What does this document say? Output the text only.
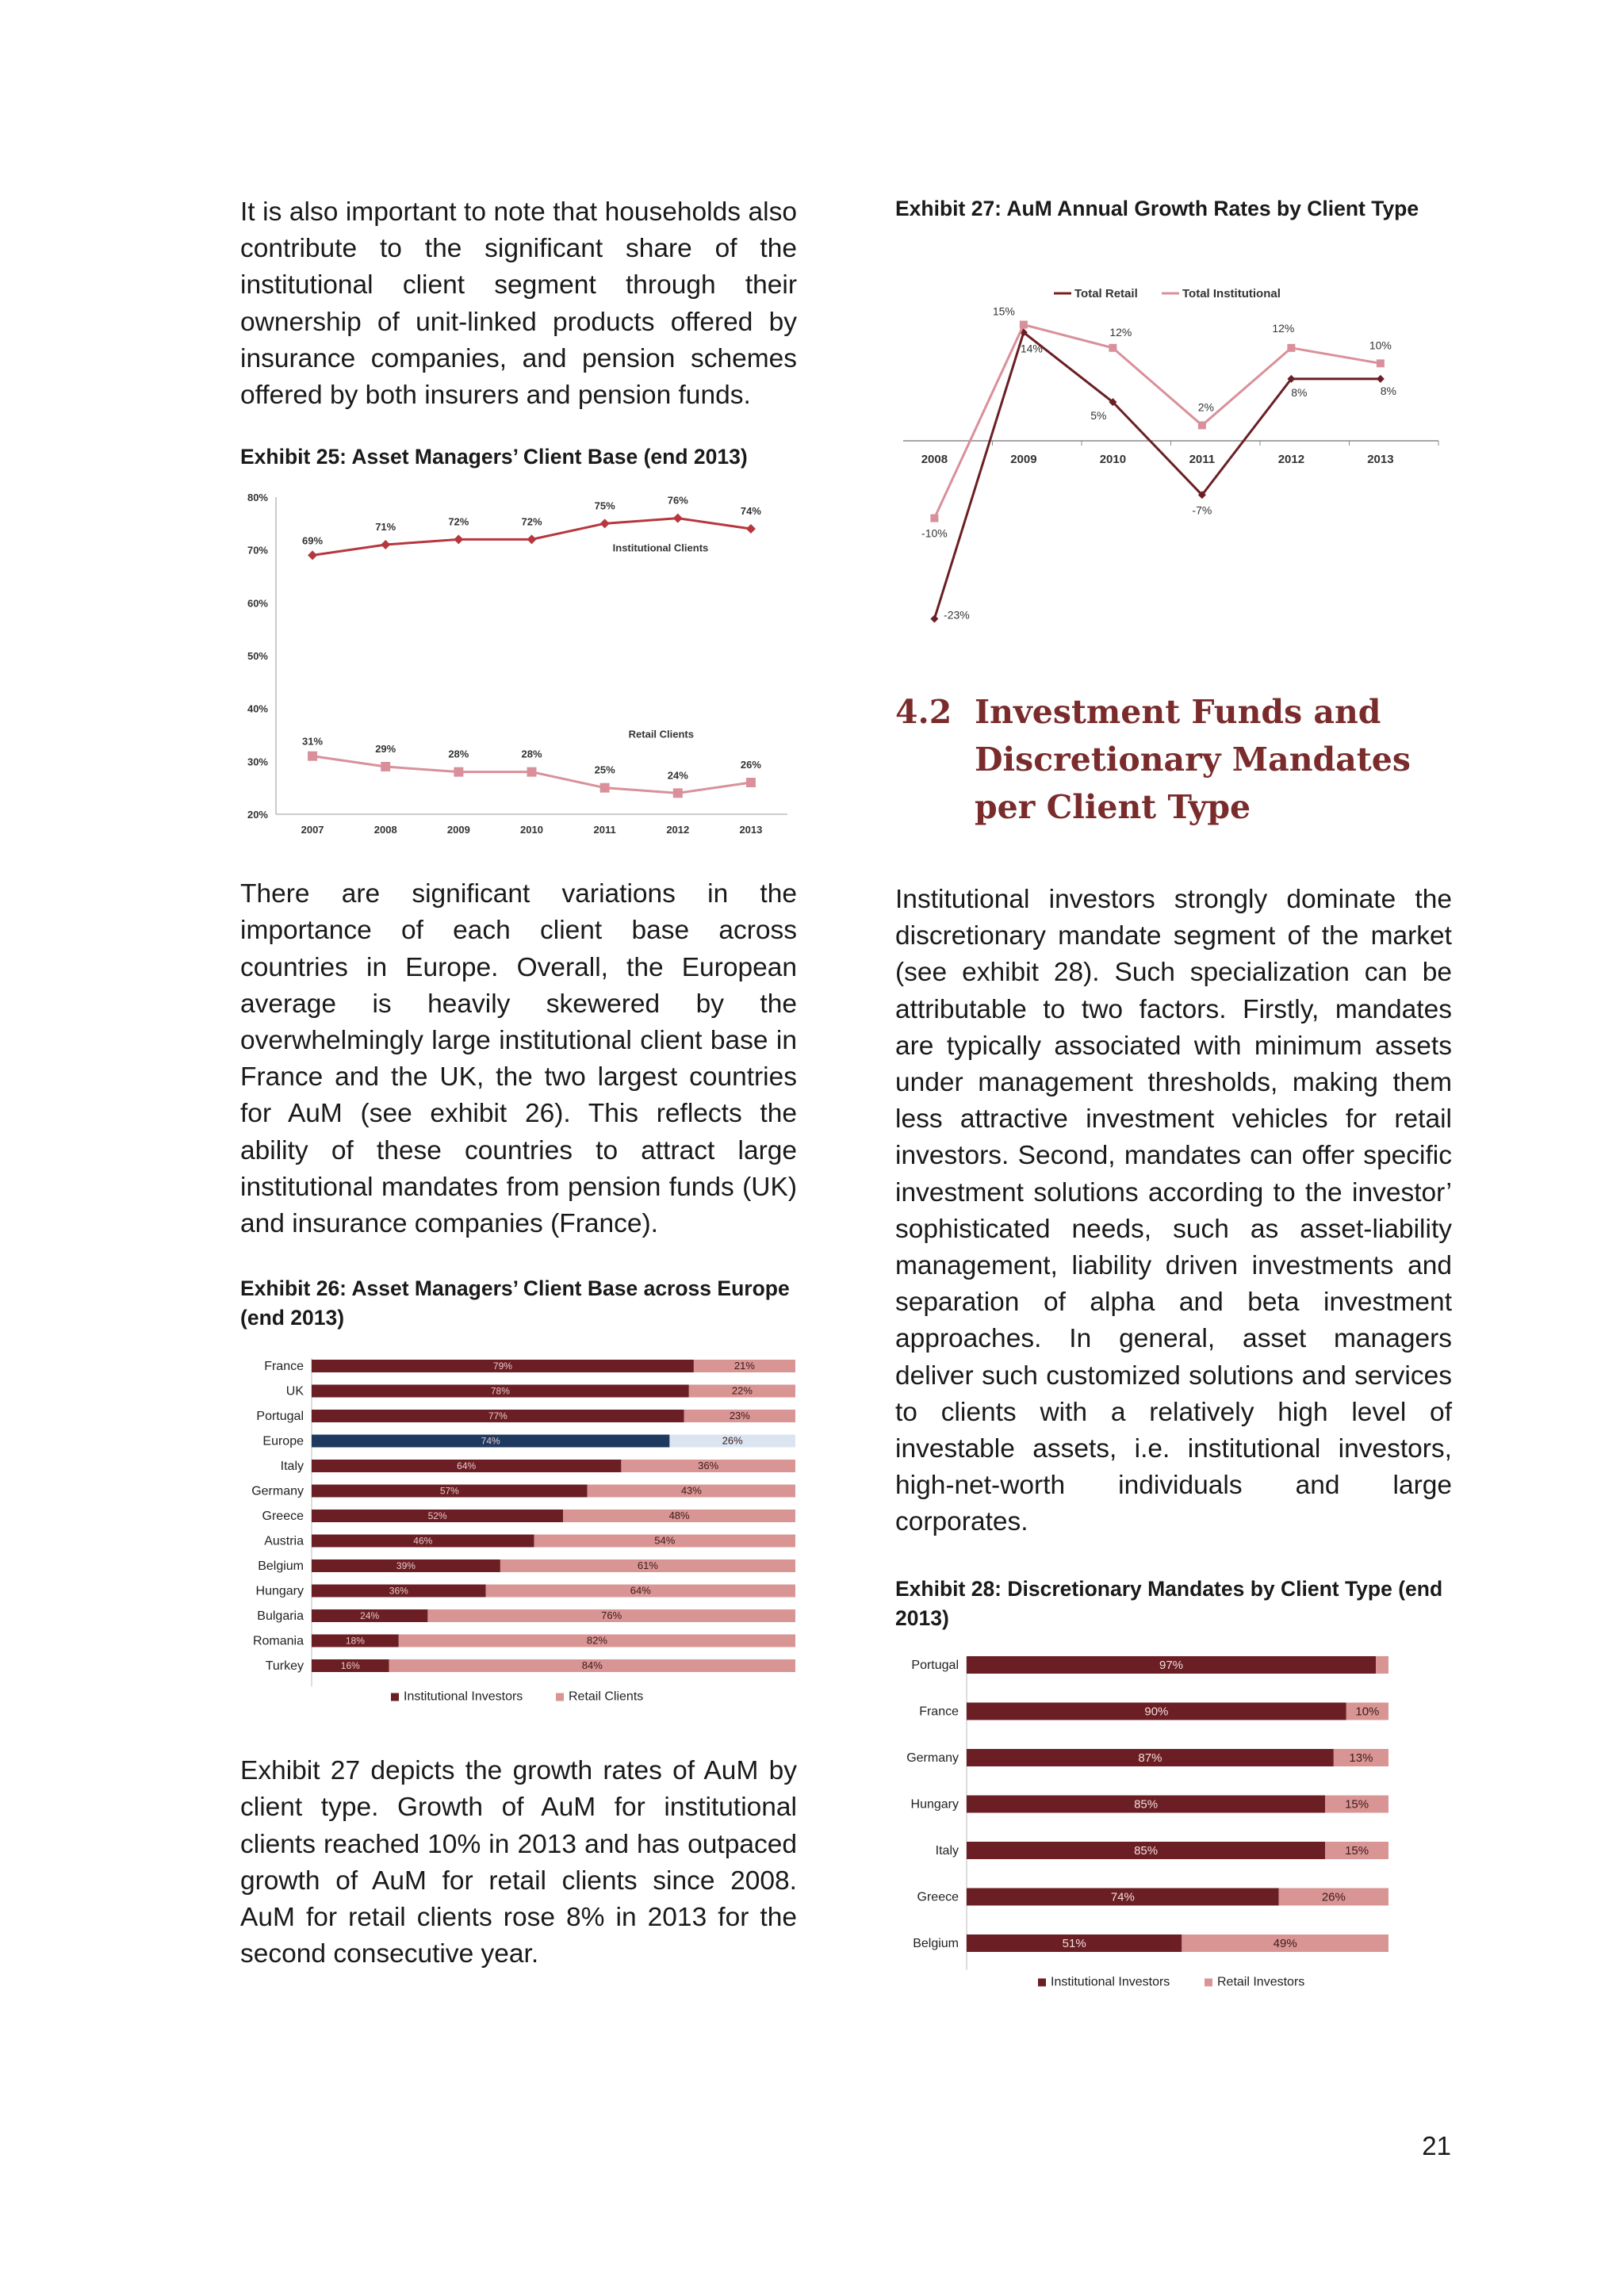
It is also important to note that households also contribute to the significant share of the institutional client segment through their ownership of unit-linked products offered by insurance companies, and pension schemes offered by both insurers and pension funds.

Exhibit 25: Asset Managers’ Client Base (end 2013)

20%
30%
40%
50%
60%
70%
80%
2007	2008	2009	2010	2011	2012	2013
69%
71%	72%	72%
75%	76%
74%
31%
29%	28%	28%
25%	24%
26%
Institutional Clients
Retail Clients

There are significant variations in the importance of each client base across countries in Europe. Overall, the European average is heavily skewered by the overwhelmingly large institutional client base in France and the UK, the two largest countries for AuM (see exhibit 26). This reflects the ability of these countries to attract large institutional mandates from pension funds (UK) and insurance companies (France).

Exhibit 26: Asset Managers’ Client Base across Europe (end 2013)

France	79%	21%
UK	78%	22%
Portugal	77%	23%
Europe	74%	26%
Italy	64%	36%
Germany	57%	43%
Greece	52%	48%
Austria	46%	54%
Belgium	39%	61%
Hungary	36%	64%
Bulgaria	24%	76%
Romania	18%	82%
Turkey	16%	84%
Institutional Investors	Retail Clients

Exhibit 27 depicts the growth rates of AuM by client type. Growth of AuM for institutional clients reached 10% in 2013 and has outpaced growth of AuM for retail clients since 2008. AuM for retail clients rose 8% in 2013 for the second consecutive year.

Exhibit 27: AuM Annual Growth Rates by Client Type

2008	2009	2010	2011	2012	2013
Total Retail	Total Institutional
-23%
14%
5%
-7%
8%	8%
-10%
15%
12%
2%
12%
10%
4.2 Investment Funds and Discretionary Mandates per Client Type

Institutional investors strongly dominate the discretionary mandate segment of the market (see exhibit 28). Such specialization can be attributable to two factors. Firstly, mandates are typically associated with minimum assets under management thresholds, making them less attractive investment vehicles for retail investors. Second, mandates can offer specific investment solutions according to the investor’ sophisticated needs, such as asset-liability management, liability driven investments and separation of alpha and beta investment approaches. In general, asset managers deliver such customized solutions and services to clients with a relatively high level of investable assets, i.e. institutional investors, high-net-worth individuals and large corporates.

Exhibit 28: Discretionary Mandates by Client Type (end 2013)

Portugal	97%
France	90%	10%
Germany	87%	13%
Hungary	85%	15%
Italy	85%	15%
Greece	74%	26%
Belgium	51%	49%
Institutional Investors	Retail Investors
21
